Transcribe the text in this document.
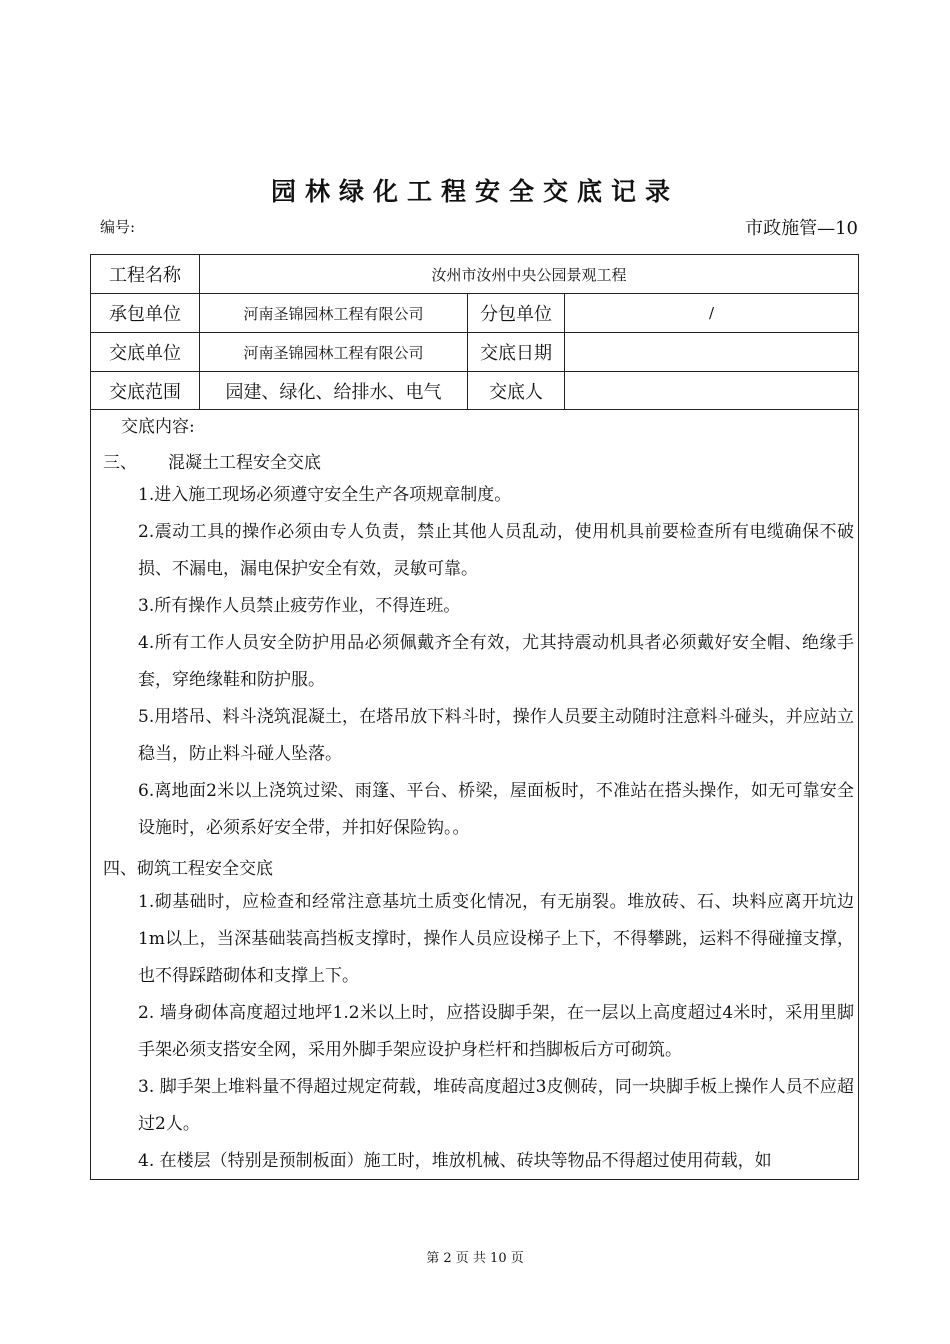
园林绿化工程安全交底记录
编号:	市政施管—10
工程名称	汝州市汝州中央公园景观工程
承包单位	河南圣锦园林工程有限公司	分包单位	/
交底单位	河南圣锦园林工程有限公司	交底日期
交底范围	园建、绿化、给排水、电气	交底人
交底内容:
三、 混凝土工程安全交底
1.进入施工现场必须遵守安全生产各项规章制度。
2.震动工具的操作必须由专人负责，禁止其他人员乱动，使用机具前要检查所有电缆确保不破损、不漏电，漏电保护安全有效，灵敏可靠。
3.所有操作人员禁止疲劳作业，不得连班。
4.所有工作人员安全防护用品必须佩戴齐全有效，尤其持震动机具者必须戴好安全帽、绝缘手套，穿绝缘鞋和防护服。
5.用塔吊、料斗浇筑混凝土，在塔吊放下料斗时，操作人员要主动随时注意料斗碰头，并应站立稳当，防止料斗碰人坠落。
6.离地面2米以上浇筑过梁、雨篷、平台、桥梁，屋面板时，不准站在搭头操作，如无可靠安全设施时，必须系好安全带，并扣好保险钩。。
四、砌筑工程安全交底
1.砌基础时，应检查和经常注意基坑土质变化情况，有无崩裂。堆放砖、石、块料应离开坑边1m以上，当深基础装高挡板支撑时，操作人员应设梯子上下，不得攀跳，运料不得碰撞支撑，也不得踩踏砌体和支撑上下。
2. 墙身砌体高度超过地坪1.2米以上时，应搭设脚手架，在一层以上高度超过4米时，采用里脚手架必须支搭安全网，采用外脚手架应设护身栏杆和挡脚板后方可砌筑。
3. 脚手架上堆料量不得超过规定荷载，堆砖高度超过3皮侧砖，同一块脚手板上操作人员不应超过2人。
4. 在楼层（特别是预制板面）施工时，堆放机械、砖块等物品不得超过使用荷载，如
第 2 页 共 10 页
